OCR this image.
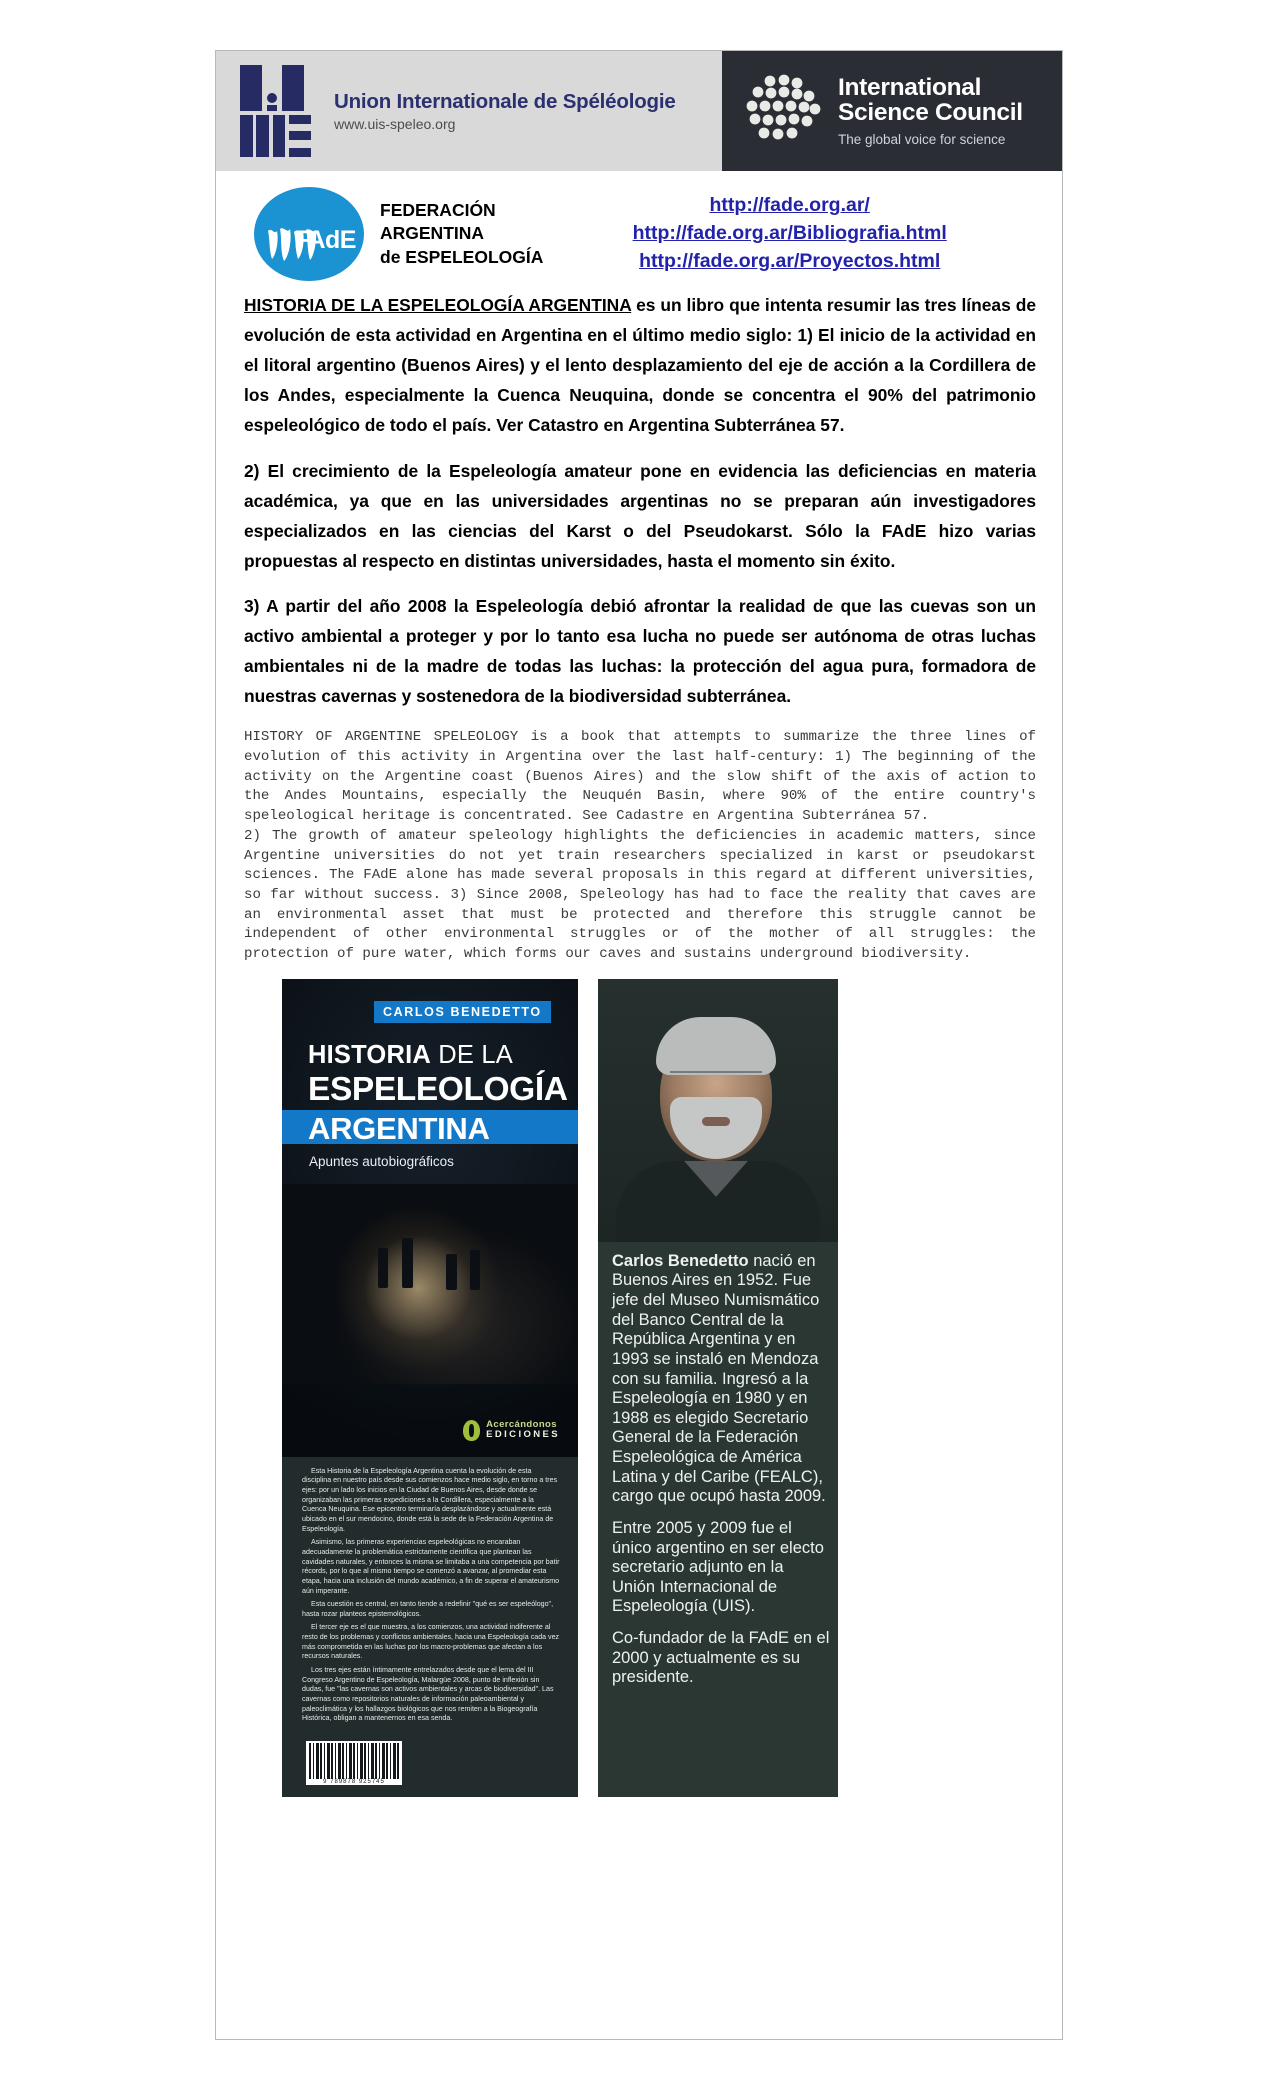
Union Internationale de Spéléologie
www.uis-speleo.org
International
Science Council
The global voice for science
FAdE
FEDERACIÓN
ARGENTINA
de ESPELEOLOGÍA
http://fade.org.ar/
http://fade.org.ar/Bibliografia.html
http://fade.org.ar/Proyectos.html

HISTORIA DE LA ESPELEOLOGÍA ARGENTINA es un libro que intenta resumir las tres líneas de evolución de esta actividad en Argentina en el último medio siglo: 1) El inicio de la actividad en el litoral argentino (Buenos Aires) y el lento desplazamiento del eje de acción a la Cordillera de los Andes, especialmente la Cuenca Neuquina, donde se concentra el 90% del patrimonio espeleológico de todo el país. Ver Catastro en Argentina Subterránea 57.

2) El crecimiento de la Espeleología amateur pone en evidencia las deficiencias en materia académica, ya que en las universidades argentinas no se preparan aún investigadores especializados en las ciencias del Karst o del Pseudokarst. Sólo la FAdE hizo varias propuestas al respecto en distintas universidades, hasta el momento sin éxito.

3) A partir del año 2008 la Espeleología debió afrontar la realidad de que las cuevas son un activo ambiental a proteger y por lo tanto esa lucha no puede ser autónoma de otras luchas ambientales ni de la madre de todas las luchas: la protección del agua pura, formadora de nuestras cavernas y sostenedora de la biodiversidad subterránea.

HISTORY OF ARGENTINE SPELEOLOGY is a book that attempts to summarize the three lines of evolution of this activity in Argentina over the last half-century: 1) The beginning of the activity on the Argentine coast (Buenos Aires) and the slow shift of the axis of action to the Andes Mountains, especially the Neuquén Basin, where 90% of the entire country's speleological heritage is concentrated. See Cadastre en Argentina Subterránea 57.

2) The growth of amateur speleology highlights the deficiencies in academic matters, since Argentine universities do not yet train researchers specialized in karst or pseudokarst sciences. The FAdE alone has made several proposals in this regard at different universities, so far without success. 3) Since 2008, Speleology has had to face the reality that caves are an environmental asset that must be protected and therefore this struggle cannot be independent of other environmental struggles or of the mother of all struggles: the protection of pure water, which forms our caves and sustains underground biodiversity.

CARLOS BENEDETTO
HISTORIA DE LA
ESPELEOLOGÍA
ARGENTINA
Apuntes autobiográficos
Acercándonos
EDICIONES

Esta Historia de la Espeleología Argentina cuenta la evolución de esta disciplina en nuestro país desde sus comienzos hace medio siglo, en torno a tres ejes: por un lado los inicios en la Ciudad de Buenos Aires, desde donde se organizaban las primeras expediciones a la Cordillera, especialmente a la Cuenca Neuquina. Ese epicentro terminaría desplazándose y actualmente está ubicado en el sur mendocino, donde está la sede de la Federación Argentina de Espeleología.

Asimismo, las primeras experiencias espeleológicas no encaraban adecuadamente la problemática estrictamente científica que plantean las cavidades naturales, y entonces la misma se limitaba a una competencia por batir récords, por lo que al mismo tiempo se comenzó a avanzar, al promediar esta etapa, hacia una inclusión del mundo académico, a fin de superar el amateurismo aún imperante.

Esta cuestión es central, en tanto tiende a redefinir "qué es ser espeleólogo", hasta rozar planteos epistemológicos.

El tercer eje es el que muestra, a los comienzos, una actividad indiferente al resto de los problemas y conflictos ambientales, hacia una Espeleología cada vez más comprometida en las luchas por los macro-problemas que afectan a los recursos naturales.

Los tres ejes están íntimamente entrelazados desde que el lema del III Congreso Argentino de Espeleología, Malargüe 2008, punto de inflexión sin dudas, fue "las cavernas son activos ambientales y arcas de biodiversidad". Las cavernas como repositorios naturales de información paleoambiental y paleoclimática y los hallazgos biológicos que nos remiten a la Biogeografía Histórica, obligan a mantenernos en esa senda.

9 789878 925745

Carlos Benedetto nació en Buenos Aires en 1952. Fue jefe del Museo Numismático del Banco Central de la República Argentina y en 1993 se instaló en Mendoza con su familia. Ingresó a la Espeleología en 1980 y en 1988 es elegido Secretario General de la Federación Espeleológica de América Latina y del Caribe (FEALC), cargo que ocupó hasta 2009.

Entre 2005 y 2009 fue el único argentino en ser electo secretario adjunto en la Unión Internacional de Espeleología (UIS).

Co-fundador de la FAdE en el 2000 y actualmente es su presidente.
